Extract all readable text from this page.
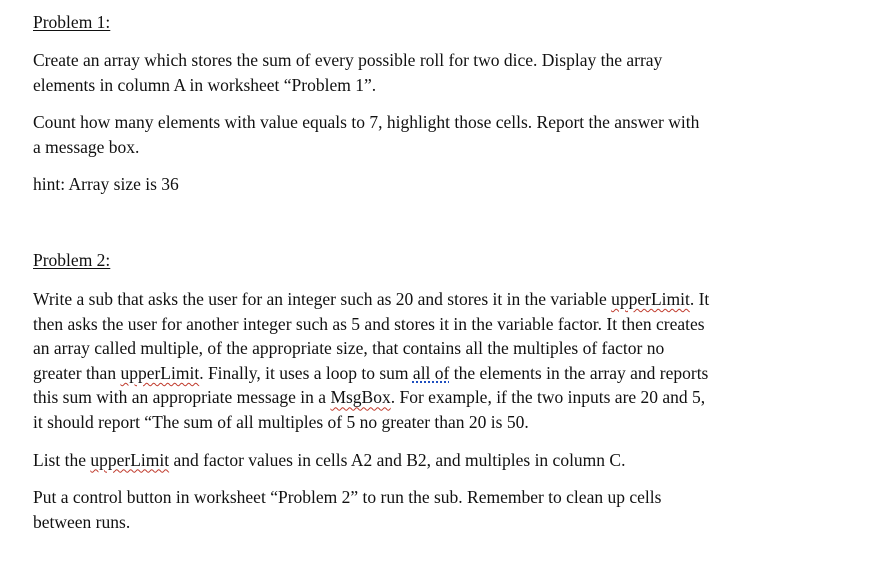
Problem 1:

Create an array which stores the sum of every possible roll for two dice. Display the array
elements in column A in worksheet “Problem 1”.
Count how many elements with value equals to 7, highlight those cells. Report the answer with
a message box.
hint: Array size is 36

Problem 2:

Write a sub that asks the user for an integer such as 20 and stores it in the variable upperLimit. It
then asks the user for another integer such as 5 and stores it in the variable factor. It then creates
an array called multiple, of the appropriate size, that contains all the multiples of factor no
greater than upperLimit. Finally, it uses a loop to sum all of the elements in the array and reports
this sum with an appropriate message in a MsgBox. For example, if the two inputs are 20 and 5,
it should report “The sum of all multiples of 5 no greater than 20 is 50.
List the upperLimit and factor values in cells A2 and B2, and multiples in column C.
Put a control button in worksheet “Problem 2” to run the sub. Remember to clean up cells
between runs.
